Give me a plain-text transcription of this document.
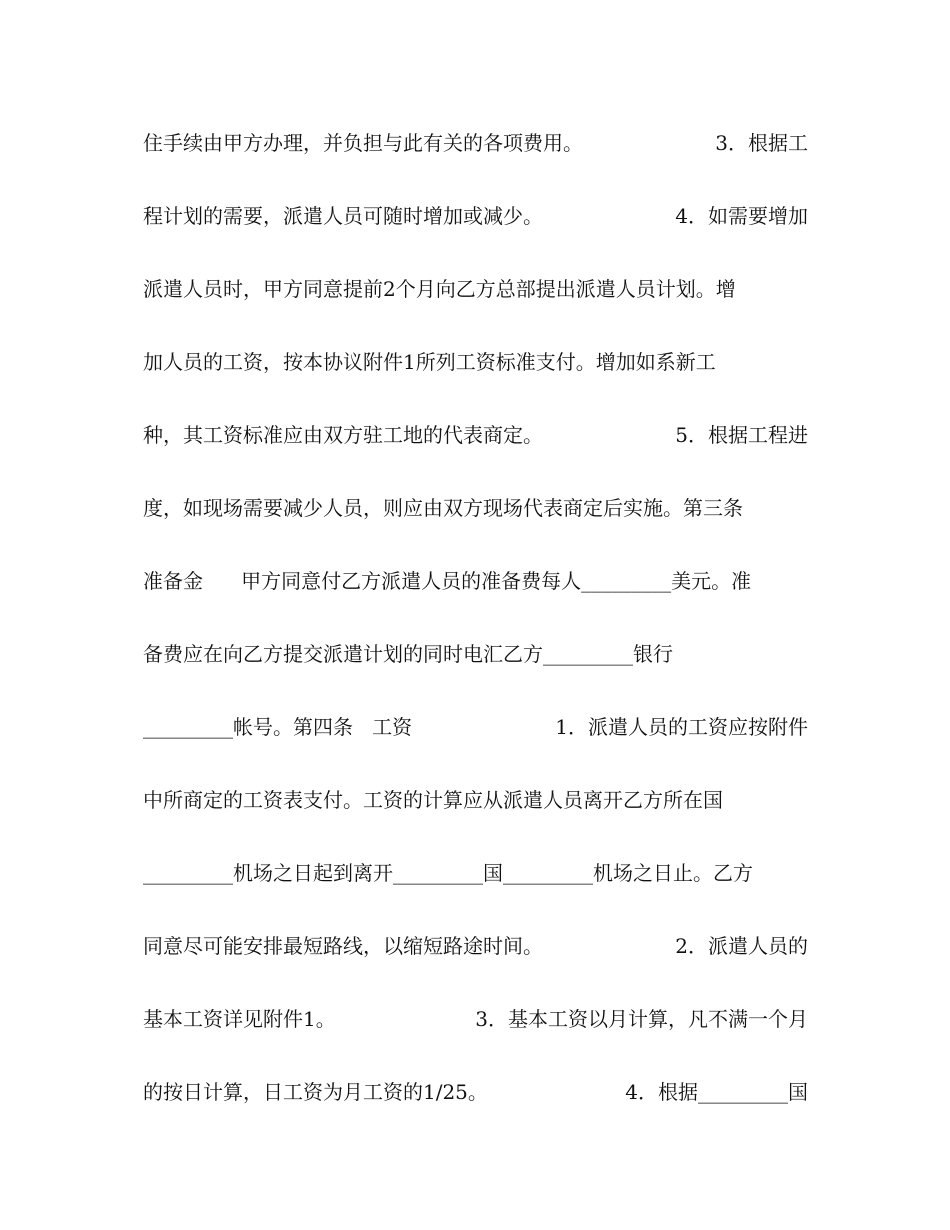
住手续由甲方办理，并负担与此有关的各项费用。	3．根据工
程计划的需要，派遣人员可随时增加或减少。	4．如需要增加
派遣人员时，甲方同意提前2个月向乙方总部提出派遣人员计划。增
加人员的工资，按本协议附件1所列工资标准支付。增加如系新工
种，其工资标准应由双方驻工地的代表商定。	5．根据工程进
度，如现场需要减少人员，则应由双方现场代表商定后实施。第三条
准备金      甲方同意付乙方派遣人员的准备费每人_________美元。准
备费应在向乙方提交派遣计划的同时电汇乙方_________银行
_________帐号。第四条   工资	1．派遣人员的工资应按附件
中所商定的工资表支付。工资的计算应从派遣人员离开乙方所在国
_________机场之日起到离开_________国_________机场之日止。乙方
同意尽可能安排最短路线，以缩短路途时间。	2．派遣人员的
基本工资详见附件1。	3．基本工资以月计算，凡不满一个月
的按日计算，日工资为月工资的1/25。	4．根据_________国
